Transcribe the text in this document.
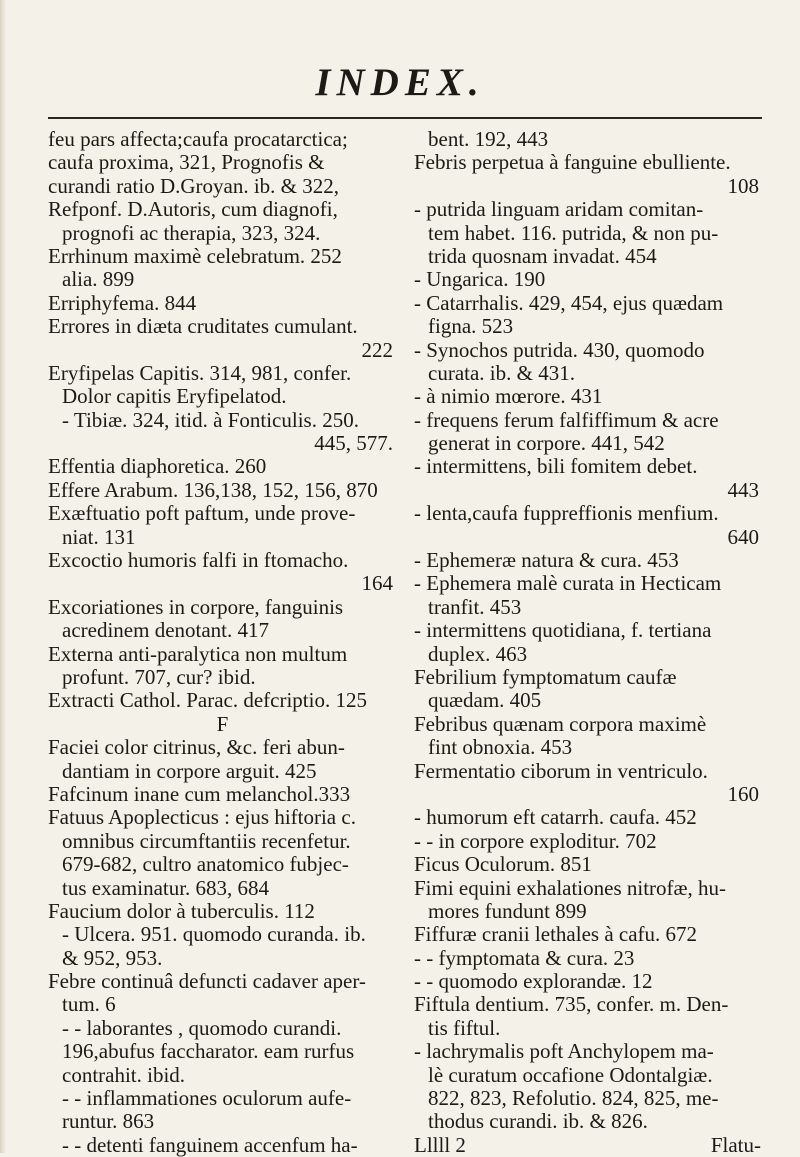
INDEX.
feu pars affecta;caufa procatarctica;
caufa proxima, 321, Prognofis &
curandi ratio D.Groyan. ib. & 322,
Refponf. D.Autoris, cum diagnofi,
prognofi ac therapia, 323, 324.
Errhinum maximè celebratum. 252
alia. 899
Erriphyfema. 844
Errores in diæta cruditates cumulant.
222
Eryfipelas Capitis. 314, 981, confer.
Dolor capitis Eryfipelatod.
- Tibiæ. 324, itid. à Fonticulis. 250.
445, 577.
Effentia diaphoretica. 260
Effere Arabum. 136,138, 152, 156, 870
Exæftuatio poft paftum, unde prove-
niat. 131
Excoctio humoris falfi in ftomacho.
164
Excoriationes in corpore, fanguinis
acredinem denotant. 417
Externa anti-paralytica non multum
profunt. 707, cur? ibid.
Extracti Cathol. Parac. defcriptio. 125
F
Faciei color citrinus, &c. feri abun-
dantiam in corpore arguit. 425
Fafcinum inane cum melanchol.333
Fatuus Apoplecticus : ejus hiftoria c.
omnibus circumftantiis recenfetur.
679-682, cultro anatomico fubjec-
tus examinatur. 683, 684
Faucium dolor à tuberculis. 112
- Ulcera. 951. quomodo curanda. ib.
& 952, 953.
Febre continuâ defuncti cadaver aper-
tum. 6
- - laborantes , quomodo curandi.
196,abufus faccharator. eam rurfus
contrahit. ibid.
- - inflammationes oculorum aufe-
runtur. 863
- - detenti fanguinem accenfum ha-
bent. 192, 443
Febris perpetua à fanguine ebulliente.
108
- putrida linguam aridam comitan-
tem habet. 116. putrida, & non pu-
trida quosnam invadat. 454
- Ungarica. 190
- Catarrhalis. 429, 454, ejus quædam
figna. 523
- Synochos putrida. 430, quomodo
curata. ib. & 431.
- à nimio mœrore. 431
- frequens ferum falfiffimum & acre
generat in corpore. 441, 542
- intermittens, bili fomitem debet.
443
- lenta,caufa fuppreffionis menfium.
640
- Ephemeræ natura & cura. 453
- Ephemera malè curata in Hecticam
tranfit. 453
- intermittens quotidiana, f. tertiana
duplex. 463
Febrilium fymptomatum caufæ
quædam. 405
Febribus quænam corpora maximè
fint obnoxia. 453
Fermentatio ciborum in ventriculo.
160
- humorum eft catarrh. caufa. 452
- - in corpore exploditur. 702
Ficus Oculorum. 851
Fimi equini exhalationes nitrofæ, hu-
mores fundunt 899
Fiffuræ cranii lethales à cafu. 672
- - fymptomata & cura. 23
- - quomodo explorandæ. 12
Fiftula dentium. 735, confer. m. Den-
tis fiftul.
- lachrymalis poft Anchylopem ma-
lè curatum occafione Odontalgiæ.
822, 823, Refolutio. 824, 825, me-
thodus curandi. ib. & 826.
Lllll 2	Flatu-
